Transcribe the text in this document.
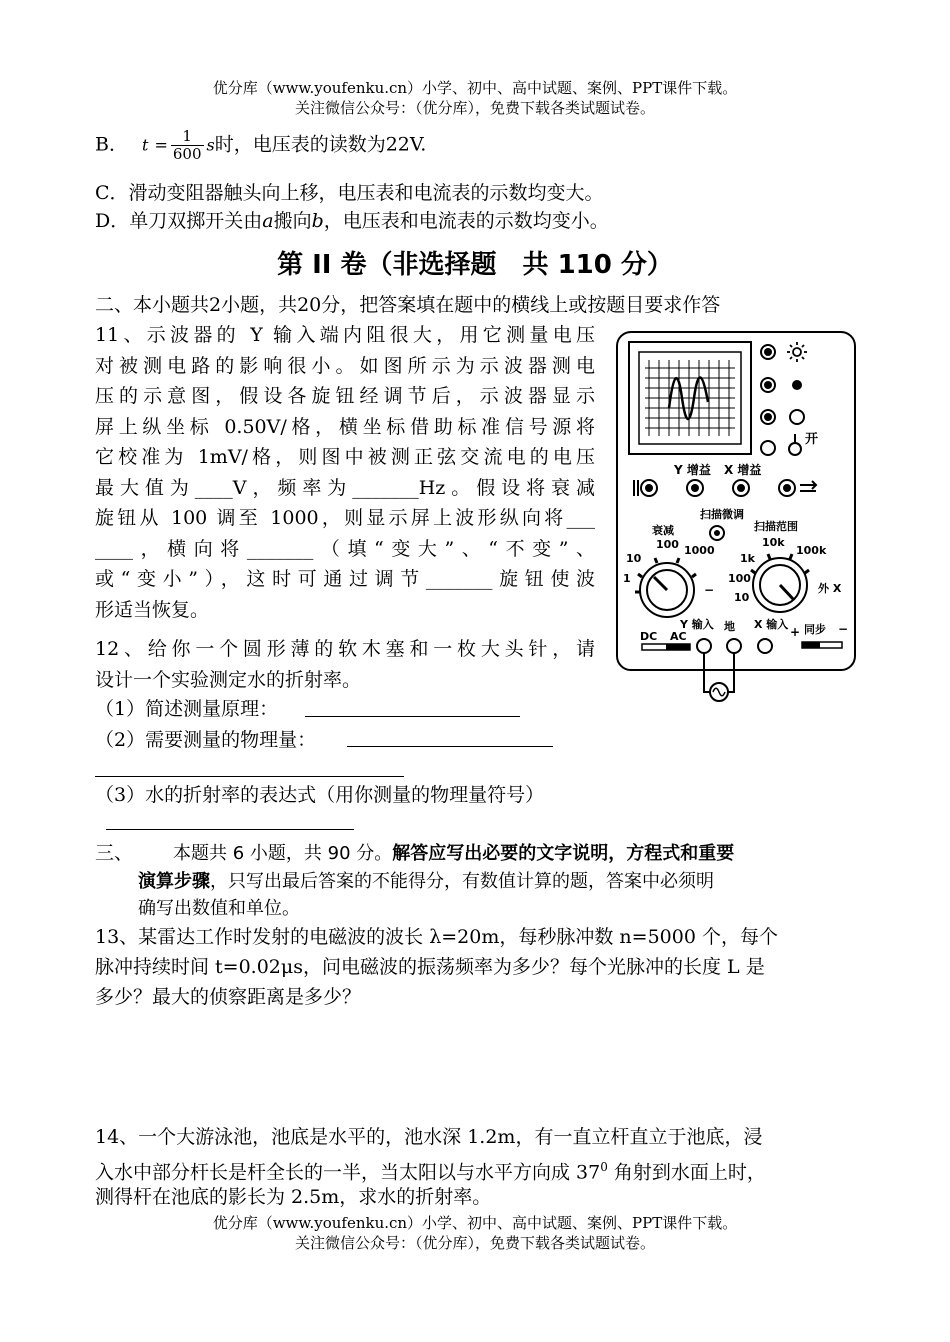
优分库（www.youfenku.cn）小学、初中、高中试题、案例、PPT课件下载。
关注微信公众号：（优分库），免费下载各类试题试卷。
B． $t = \frac{1}{600}$ s时，电压表的读数为22V.
C．滑动变阻器触头向上移，电压表和电流表的示数均变大。
D．单刀双掷开关由a搬向b，电压表和电流表的示数均变小。
第 II 卷（非选择题　共 110 分）
二、本小题共2小题，共20分，把答案填在题中的横线上或按题目要求作答
11、示波器的 Y 输入端内阻很大，用它测量电压
对被测电路的影响很小。如图所示为示波器测电
压的示意图，假设各旋钮经调节后，示波器显示
屏上纵坐标 0.50V/格，横坐标借助标准信号源将
它校准为 1mV/格，则图中被测正弦交流电的电压
最大值为____V，频率为_______Hz。假设将衰减
旋钮从 100 调至 1000，则显示屏上波形纵向将___
____，横向将_______（填“变大”、“不变”、
或“变小”），这时可通过调节_______旋钮使波
形适当恢复。
12、给你一个圆形薄的软木塞和一枚大头针，请
设计一个实验测定水的折射率。
（1）简述测量原理：
（2）需要测量的物理量：
（3）水的折射率的表达式（用你测量的物理量符号）
三、 本题共 6 小题，共 90 分。解答应写出必要的文字说明，方程式和重要
演算步骤，只写出最后答案的不能得分，有数值计算的题，答案中必须明
确写出数值和单位。
13、某雷达工作时发射的电磁波的波长 λ=20m，每秒脉冲数 n=5000 个，每个
脉冲持续时间 t=0.02μs，问电磁波的振荡频率为多少？每个光脉冲的长度 L 是
多少？最大的侦察距离是多少？
14、一个大游泳池，池底是水平的，池水深 1.2m，有一直立杆直立于池底，浸
入水中部分杆长是杆全长的一半，当太阳以与水平方向成 $37^0$ 角射到水面上时，
测得杆在池底的影长为 2.5m，求水的折射率。
优分库（www.youfenku.cn）小学、初中、高中试题、案例、PPT课件下载。
关注微信公众号：（优分库），免费下载各类试题试卷。
开
Y 增益 X 增益
扫描微调
衰减	扫描范围
100 1000
10
1
−
10k
1k
100k
100
10
外 X
DC AC
Y 输入 地 X 输入
+ 同步 −
